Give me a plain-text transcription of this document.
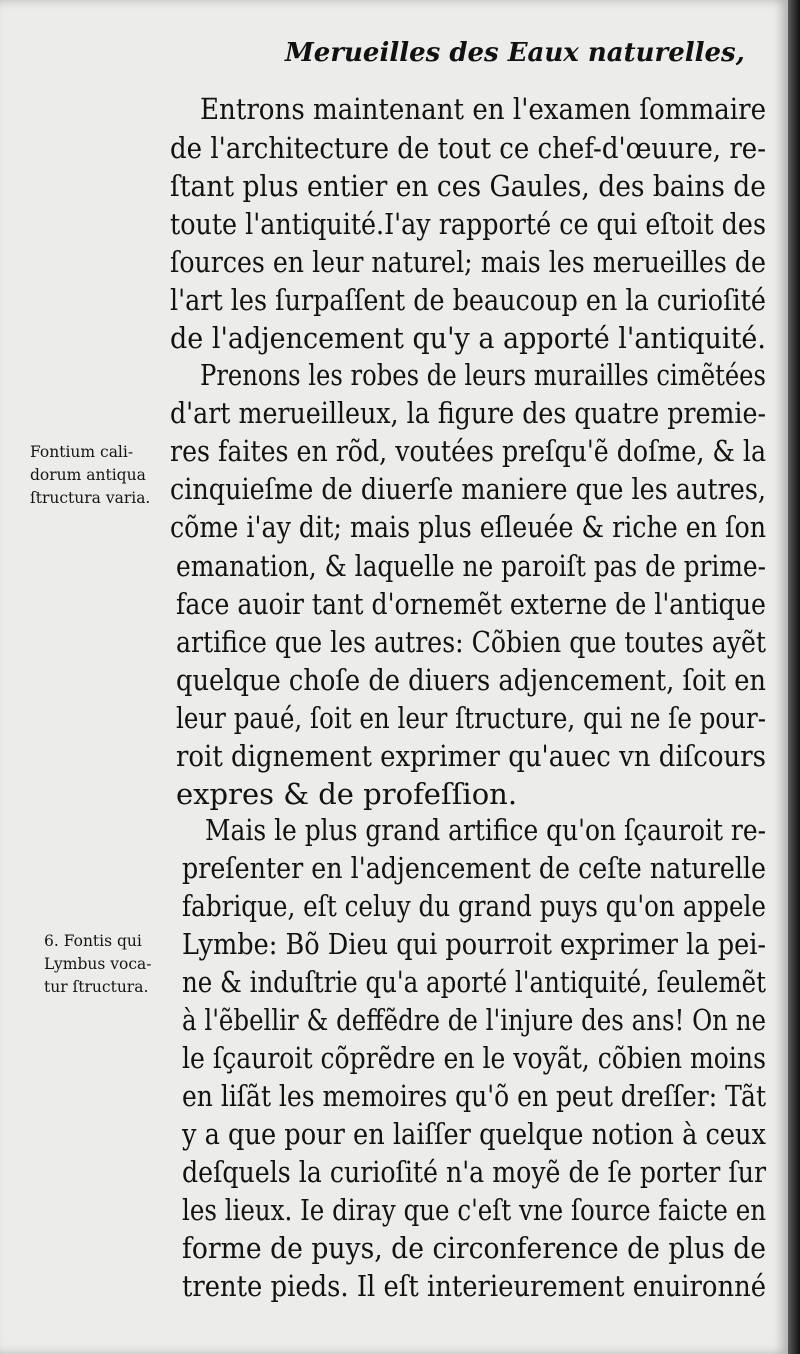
Merueilles des Eaux naturelles,
Entrons maintenant en l'examen ſommaire
de l'architecture de tout ce chef-d'œuure, re-
ſtant plus entier en ces Gaules, des bains de
toute l'antiquité.I'ay rapporté ce qui eſtoit des
ſources en leur naturel; mais les merueilles de
l'art les ſurpaſſent de beaucoup en la curioſité
de l'adjencement qu'y a apporté l'antiquité.
Prenons les robes de leurs murailles cimẽtées
d'art merueilleux, la figure des quatre premie-
res faites en rõd, voutées preſqu'ẽ doſme, & la
cinquieſme de diuerſe maniere que les autres,
cõme i'ay dit; mais plus eſleuée & riche en ſon
emanation, & laquelle ne paroiſt pas de prime-
face auoir tant d'ornemẽt externe de l'antique
artifice que les autres: Cõbien que toutes ayẽt
quelque choſe de diuers adjencement, ſoit en
leur paué, ſoit en leur ſtructure, qui ne ſe pour-
roit dignement exprimer qu'auec vn diſcours
expres & de profeſſion.
Mais le plus grand artifice qu'on ſçauroit re-
preſenter en l'adjencement de ceſte naturelle
fabrique, eſt celuy du grand puys qu'on appele
Lymbe: Bõ Dieu qui pourroit exprimer la pei-
ne & induſtrie qu'a aporté l'antiquité, ſeulemẽt
à l'ẽbellir & deffẽdre de l'injure des ans! On ne
le ſçauroit cõprẽdre en le voyãt, cõbien moins
en liſãt les memoires qu'õ en peut dreſſer: Tãt
y a que pour en laiſſer quelque notion à ceux
deſquels la curioſité n'a moyẽ de ſe porter ſur
les lieux. Ie diray que c'eſt vne ſource faicte en
forme de puys, de circonference de plus de
trente pieds. Il eſt interieurement enuironné
Fontium cali-
dorum antiqua
ſtructura varia.
6. Fontis qui
Lymbus voca-
tur ſtructura.
